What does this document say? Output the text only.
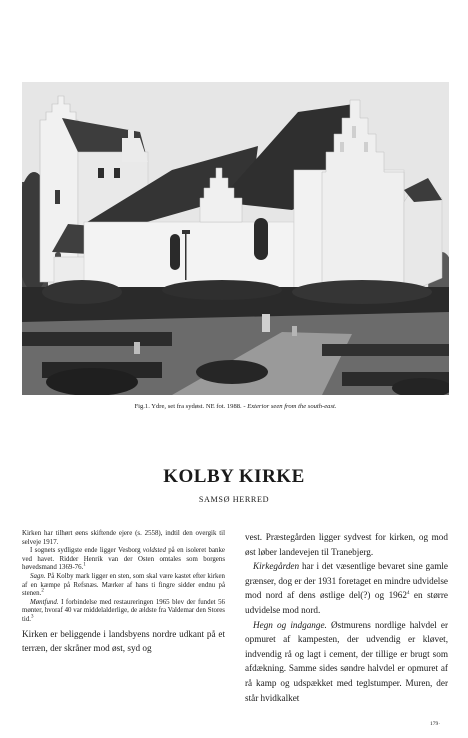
Fig.1. Ydre, set fra sydøst. NE fot. 1988. - Exterior seen from the south-east.
KOLBY KIRKE
SAMSØ HERRED

Kirken har tilhørt øens skiftende ejere (s. 2558), indtil den overgik til selveje 1917.

I sognets sydligste ende ligger Vesborg voldsted på en isoleret banke ved havet. Ridder Henrik van der Osten omtales som borgens høvedsmand 1369-76.$^1$

Sagn. På Kolby mark ligger en sten, som skal være kastet efter kirken af en kæmpe på Refsnæs. Mærker af hans ti fingre sidder endnu på stenen.$^2$

Møntfund. I forbindelse med restaureringen 1965 blev der fundet 56 mønter, hvoraf 40 var middelalderlige, de ældste fra Valdemar den Stores tid.$^3$

Kirken er beliggende i landsbyens nordre udkant på et terræn, der skråner mod øst, syd og

vest. Præstegården ligger sydvest for kirken, og mod øst løber landevejen til Tranebjerg.

Kirkegården har i det væsentlige bevaret sine gamle grænser, dog er der 1931 foretaget en mindre udvidelse mod nord af dens østlige del(?) og 1962$^4$ en større udvidelse mod nord.

Hegn og indgange. Østmurens nordlige halvdel er opmuret af kampesten, der udvendig er kløvet, indvendig rå og lagt i cement, der tillige er brugt som afdækning. Samme sides søndre halvdel er opmuret af rå kamp og udspækket med teglstumper. Muren, der står hvidkalket

179·
